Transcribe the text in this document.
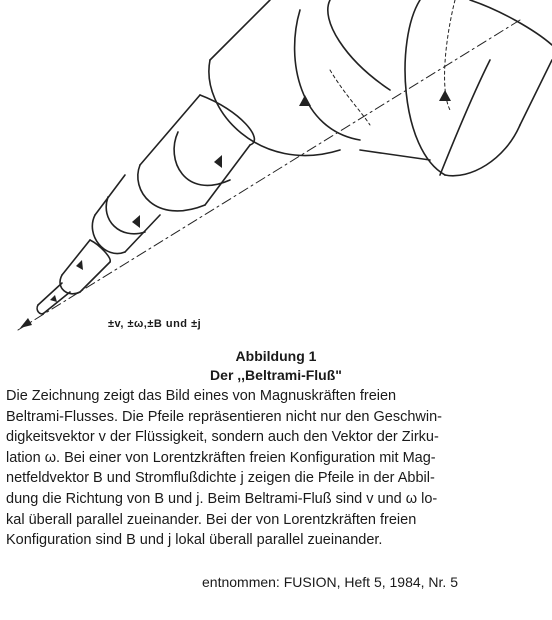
±v, ±ω,±B und ±j
Abbildung 1
Der ,,Beltrami-Fluß"
Die Zeichnung zeigt das Bild eines von Magnuskräften freien
Beltrami-Flusses. Die Pfeile repräsentieren nicht nur den Geschwin-
digkeitsvektor v der Flüssigkeit, sondern auch den Vektor der Zirku-
lation ω. Bei einer von Lorentzkräften freien Konfiguration mit Mag-
netfeldvektor B und Stromflußdichte j zeigen die Pfeile in der Abbil-
dung die Richtung von B und j. Beim Beltrami-Fluß sind v und ω lo-
kal überall parallel zueinander. Bei der von Lorentzkräften freien
Konfiguration sind B und j lokal überall parallel zueinander.
entnommen: FUSION, Heft 5, 1984, Nr. 5
